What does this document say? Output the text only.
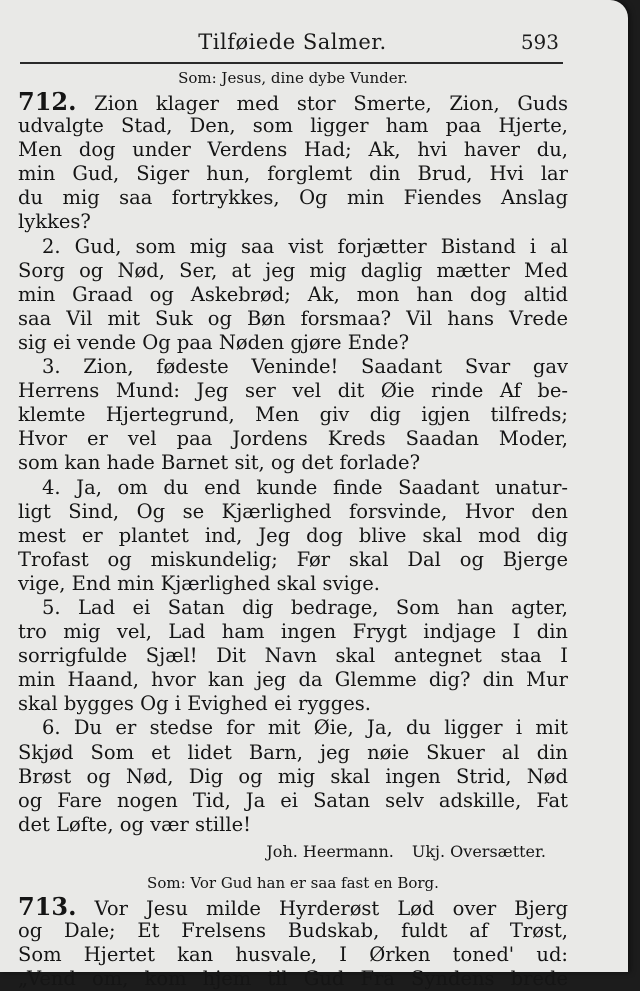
Tilføiede Salmer.	593
Som: Jesus, dine dybe Vunder.
712. Zion klager med stor Smerte, Zion, Guds
udvalgte Stad, Den, som ligger ham paa Hjerte,
Men dog under Verdens Had; Ak, hvi haver du,
min Gud, Siger hun, forglemt din Brud, Hvi lar
du mig saa fortrykkes, Og min Fiendes Anslag
lykkes?
2. Gud, som mig saa vist forjætter Bistand i al
Sorg og Nød, Ser, at jeg mig daglig mætter Med
min Graad og Askebrød; Ak, mon han dog altid
saa Vil mit Suk og Bøn forsmaa? Vil hans Vrede
sig ei vende Og paa Nøden gjøre Ende?
3. Zion, fødeste Veninde! Saadant Svar gav
Herrens Mund: Jeg ser vel dit Øie rinde Af be-
klemte Hjertegrund, Men giv dig igjen tilfreds;
Hvor er vel paa Jordens Kreds Saadan Moder,
som kan hade Barnet sit, og det forlade?
4. Ja, om du end kunde finde Saadant unatur-
ligt Sind, Og se Kjærlighed forsvinde, Hvor den
mest er plantet ind, Jeg dog blive skal mod dig
Trofast og miskundelig; Før skal Dal og Bjerge
vige, End min Kjærlighed skal svige.
5. Lad ei Satan dig bedrage, Som han agter,
tro mig vel, Lad ham ingen Frygt indjage I din
sorrigfulde Sjæl! Dit Navn skal antegnet staa I
min Haand, hvor kan jeg da Glemme dig? din Mur
skal bygges Og i Evighed ei rygges.
6. Du er stedse for mit Øie, Ja, du ligger i mit
Skjød Som et lidet Barn, jeg nøie Skuer al din
Brøst og Nød, Dig og mig skal ingen Strid, Nød
og Fare nogen Tid, Ja ei Satan selv adskille, Fat
det Løfte, og vær stille!
Joh. Heermann. Ukj. Oversætter.
Som: Vor Gud han er saa fast en Borg.
713. Vor Jesu milde Hyrderøst Lød over Bjerg
og Dale; Et Frelsens Budskab, fuldt af Trøst,
Som Hjertet kan husvale, I Ørken toned' ud:
„Vend om, kom hjem til Gud Fra Syndens brede
